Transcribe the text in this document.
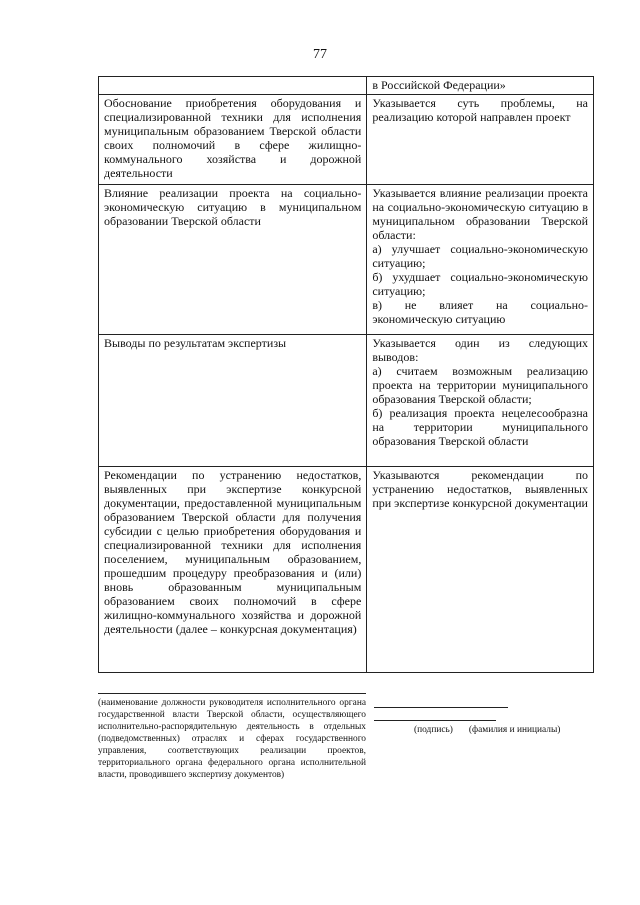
77

	в Российской Федерации»

Обоснование приобретения оборудования и специализированной техники для исполнения муниципальным образованием Тверской области своих полномочий в сфере жилищно-коммунального хозяйства и дорожной деятельности	Указывается суть проблемы, на реализацию которой направлен проект

Влияние реализации проекта на социально-экономическую ситуацию в муниципальном образовании Тверской области	Указывается влияние реализации проекта на социально-экономическую ситуацию в муниципальном образовании Тверской области:
а) улучшает социально-экономическую ситуацию;
б) ухудшает социально-экономическую ситуацию;
в) не влияет на социально-экономическую ситуацию

Выводы по результатам экспертизы	Указывается один из следующих выводов:
а) считаем возможным реализацию проекта на территории муниципального образования Тверской области;
б) реализация проекта нецелесообразна на территории муниципального образования Тверской области

Рекомендации по устранению недостатков, выявленных при экспертизе конкурсной документации, предоставленной муниципальным образованием Тверской области для получения субсидии с целью приобретения оборудования и специализированной техники для исполнения поселением, муниципальным образованием, прошедшим процедуру преобразования и (или) вновь образованным муниципальным образованием своих полномочий в сфере жилищно-коммунального хозяйства и дорожной деятельности (далее – конкурсная документация)	Указываются рекомендации по устранению недостатков, выявленных при экспертизе конкурсной документации
(наименование должности руководителя исполнительного органа государственной власти Тверской области, осуществляющего исполнительно-распорядительную деятельность в отдельных (подведомственных) отраслях и сферах государственного управления, соответствующих реализации проектов, территориального органа федерального органа исполнительной власти, проводившего экспертизу документов)
(подпись) (фамилия и инициалы)
